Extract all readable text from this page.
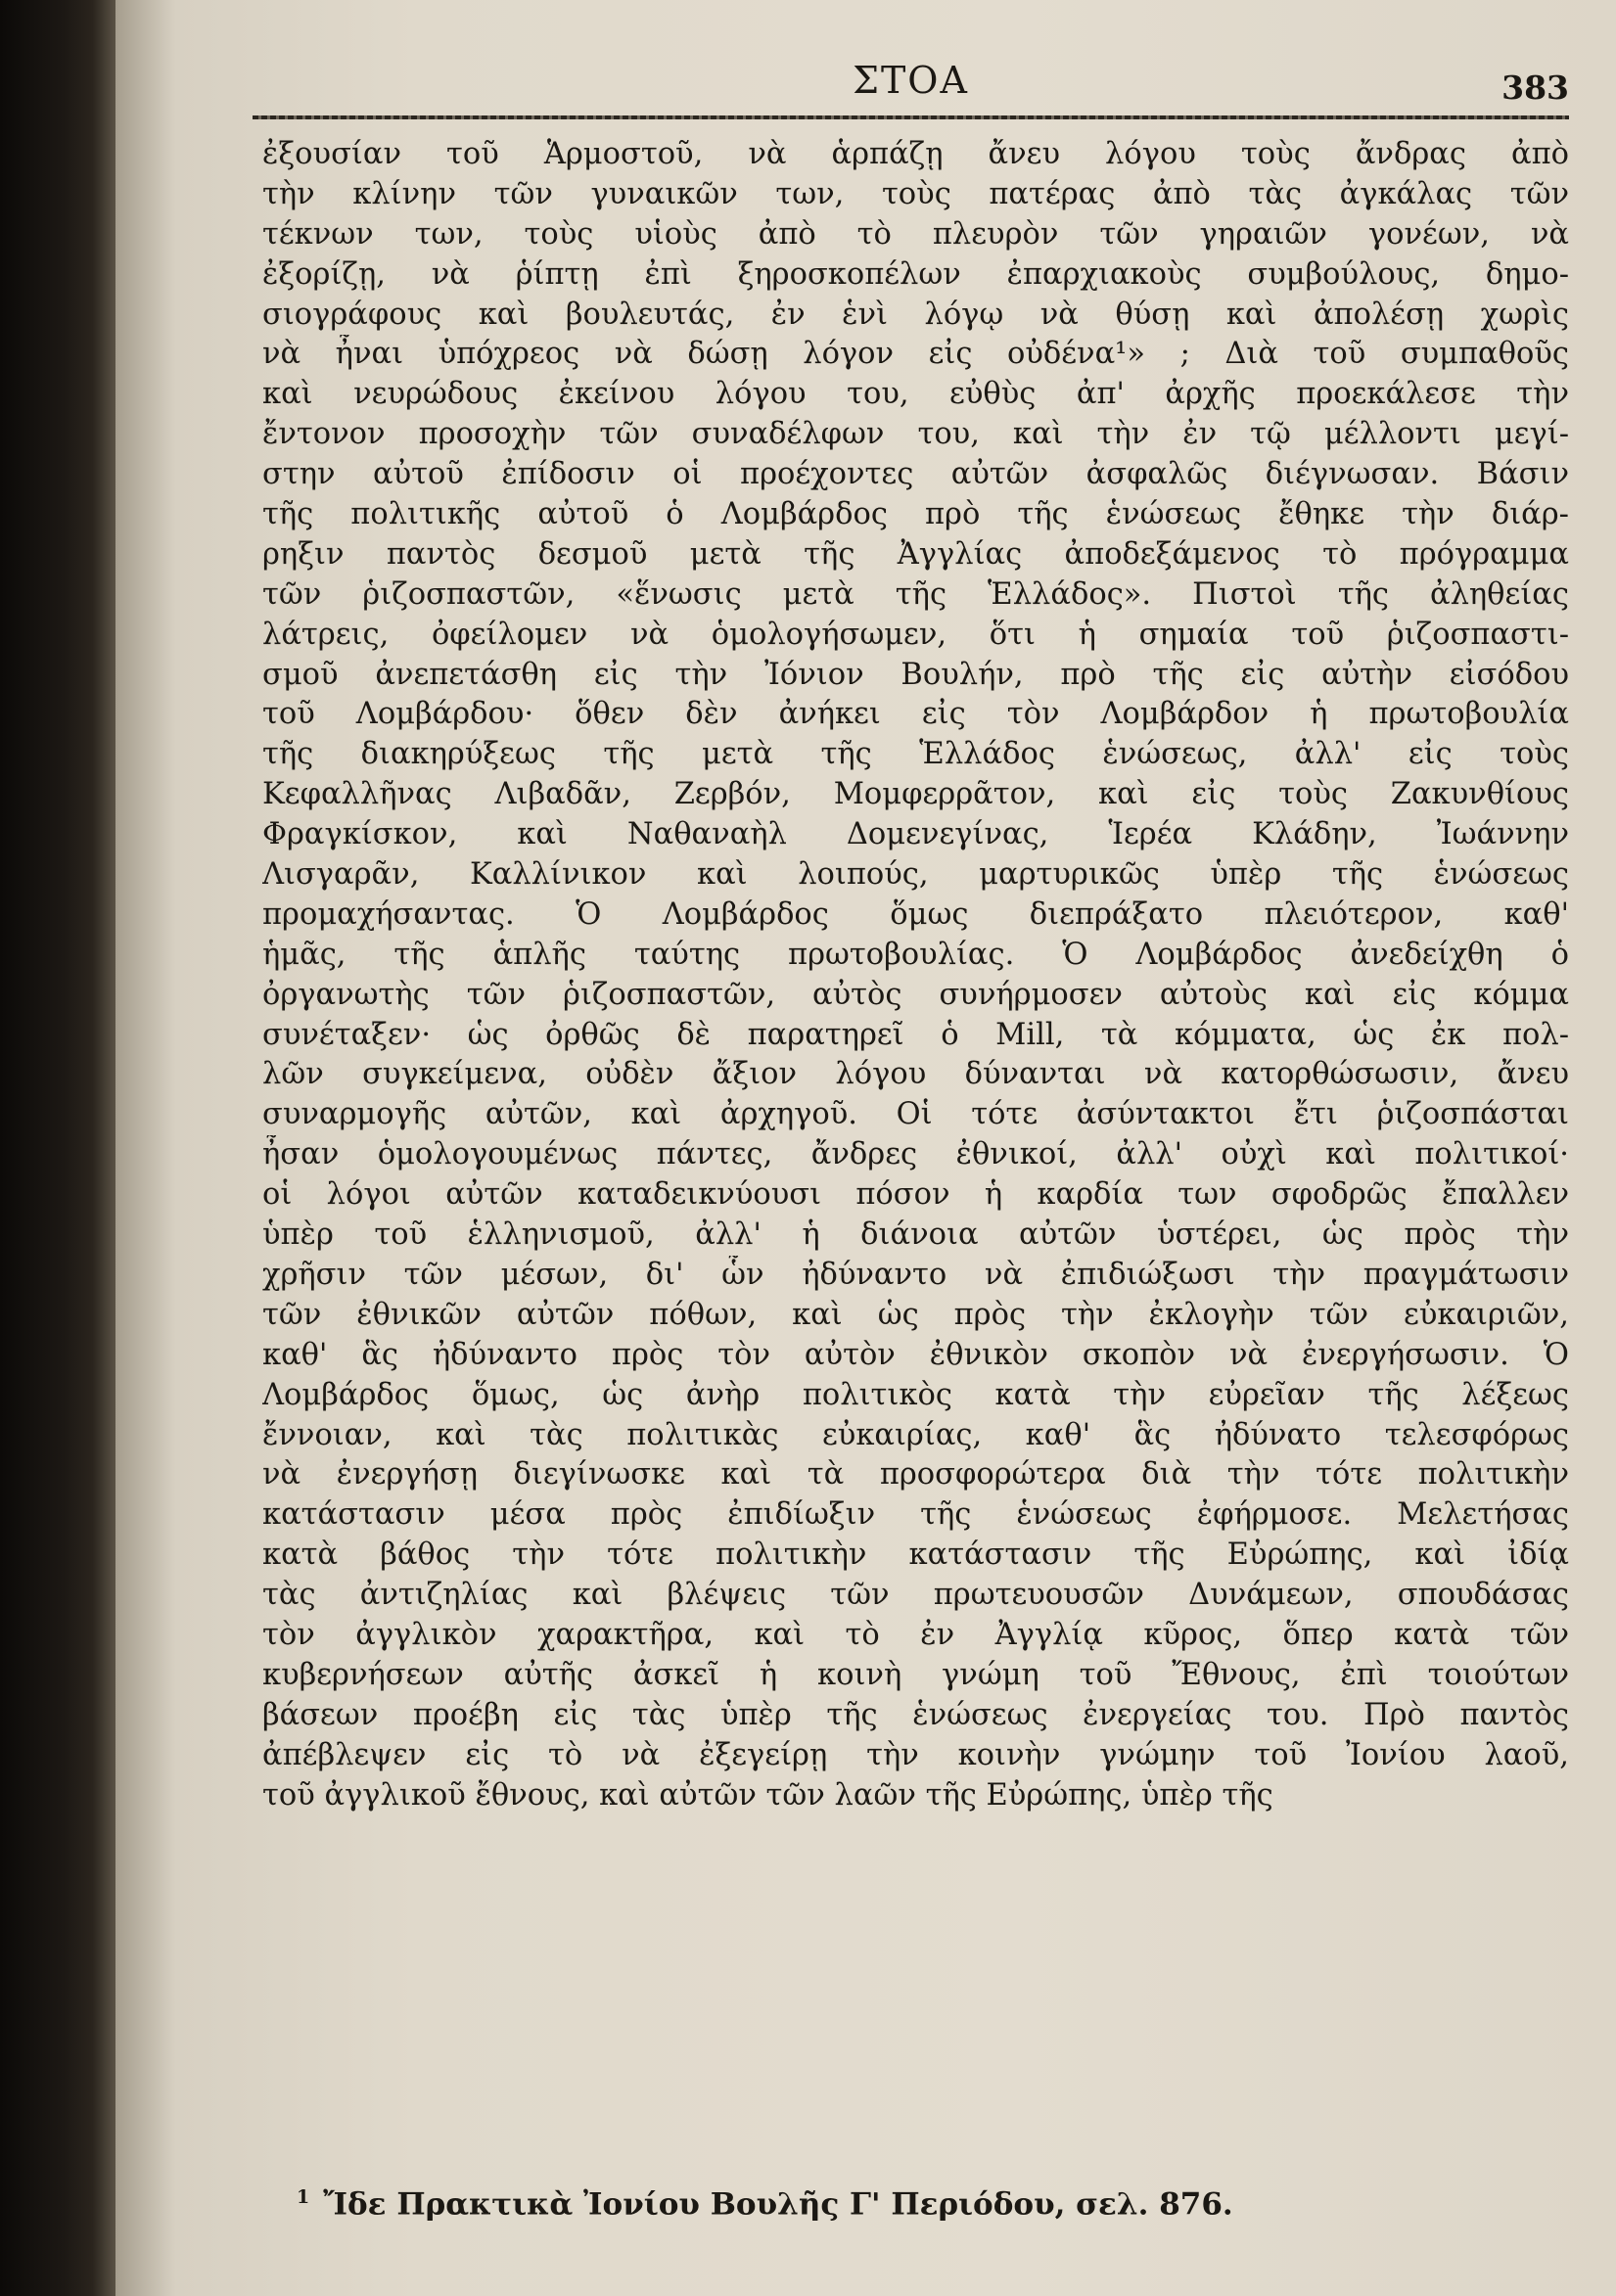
ΣΤΟΑ	383
ἐξουσίαν τοῦ Ἁρμοστοῦ, νὰ ἁρπάζῃ ἄνευ λόγου τοὺς ἄνδρας ἀπὸ
τὴν κλίνην τῶν γυναικῶν των, τοὺς πατέρας ἀπὸ τὰς ἀγκάλας τῶν
τέκνων των, τοὺς υἱοὺς ἀπὸ τὸ πλευρὸν τῶν γηραιῶν γονέων, νὰ
ἐξορίζῃ, νὰ ῥίπτῃ ἐπὶ ξηροσκοπέλων ἐπαρχιακοὺς συμβούλους, δημο-
σιογράφους καὶ βουλευτάς, ἐν ἑνὶ λόγῳ νὰ θύσῃ καὶ ἀπολέσῃ χωρὶς
νὰ ἦναι ὑπόχρεος νὰ δώσῃ λόγον εἰς οὐδένα¹» ; Διὰ τοῦ συμπαθοῦς
καὶ νευρώδους ἐκείνου λόγου του, εὐθὺς ἀπ' ἀρχῆς προεκάλεσε τὴν
ἔντονον προσοχὴν τῶν συναδέλφων του, καὶ τὴν ἐν τῷ μέλλοντι μεγί-
στην αὐτοῦ ἐπίδοσιν οἱ προέχοντες αὐτῶν ἀσφαλῶς διέγνωσαν. Βάσιν
τῆς πολιτικῆς αὐτοῦ ὁ Λομβάρδος πρὸ τῆς ἑνώσεως ἔθηκε τὴν διάρ-
ρηξιν παντὸς δεσμοῦ μετὰ τῆς Ἀγγλίας ἀποδεξάμενος τὸ πρόγραμμα
τῶν ῥιζοσπαστῶν, «ἕνωσις μετὰ τῆς Ἑλλάδος». Πιστοὶ τῆς ἀληθείας
λάτρεις, ὀφείλομεν νὰ ὁμολογήσωμεν, ὅτι ἡ σημαία τοῦ ῥιζοσπαστι-
σμοῦ ἀνεπετάσθη εἰς τὴν Ἰόνιον Βουλήν, πρὸ τῆς εἰς αὐτὴν εἰσόδου
τοῦ Λομβάρδου· ὅθεν δὲν ἀνήκει εἰς τὸν Λομβάρδον ἡ πρωτοβουλία
τῆς διακηρύξεως τῆς μετὰ τῆς Ἑλλάδος ἑνώσεως, ἀλλ' εἰς τοὺς
Κεφαλλῆνας Λιβαδᾶν, Ζερβόν, Μομφερρᾶτον, καὶ εἰς τοὺς Ζακυνθίους
Φραγκίσκον, καὶ Ναθαναὴλ Δομενεγίνας, Ἱερέα Κλάδην, Ἰωάννην
Λισγαρᾶν, Καλλίνικον καὶ λοιπούς, μαρτυρικῶς ὑπὲρ τῆς ἑνώσεως
προμαχήσαντας. Ὁ Λομβάρδος ὅμως διεπράξατο πλειότερον, καθ'
ἡμᾶς, τῆς ἁπλῆς ταύτης πρωτοβουλίας. Ὁ Λομβάρδος ἀνεδείχθη ὁ
ὀργανωτὴς τῶν ῥιζοσπαστῶν, αὐτὸς συνήρμοσεν αὐτοὺς καὶ εἰς κόμμα
συνέταξεν· ὡς ὀρθῶς δὲ παρατηρεῖ ὁ Mill, τὰ κόμματα, ὡς ἐκ πολ-
λῶν συγκείμενα, οὐδὲν ἄξιον λόγου δύνανται νὰ κατορθώσωσιν, ἄνευ
συναρμογῆς αὐτῶν, καὶ ἀρχηγοῦ. Οἱ τότε ἀσύντακτοι ἔτι ῥιζοσπάσται
ἦσαν ὁμολογουμένως πάντες, ἄνδρες ἐθνικοί, ἀλλ' οὐχὶ καὶ πολιτικοί·
οἱ λόγοι αὐτῶν καταδεικνύουσι πόσον ἡ καρδία των σφοδρῶς ἔπαλλεν
ὑπὲρ τοῦ ἑλληνισμοῦ, ἀλλ' ἡ διάνοια αὐτῶν ὑστέρει, ὡς πρὸς τὴν
χρῆσιν τῶν μέσων, δι' ὧν ἠδύναντο νὰ ἐπιδιώξωσι τὴν πραγμάτωσιν
τῶν ἐθνικῶν αὐτῶν πόθων, καὶ ὡς πρὸς τὴν ἐκλογὴν τῶν εὐκαιριῶν,
καθ' ἃς ἠδύναντο πρὸς τὸν αὐτὸν ἐθνικὸν σκοπὸν νὰ ἐνεργήσωσιν. Ὁ
Λομβάρδος ὅμως, ὡς ἀνὴρ πολιτικὸς κατὰ τὴν εὐρεῖαν τῆς λέξεως
ἔννοιαν, καὶ τὰς πολιτικὰς εὐκαιρίας, καθ' ἃς ἠδύνατο τελεσφόρως
νὰ ἐνεργήσῃ διεγίνωσκε καὶ τὰ προσφορώτερα διὰ τὴν τότε πολιτικὴν
κατάστασιν μέσα πρὸς ἐπιδίωξιν τῆς ἑνώσεως ἐφήρμοσε. Μελετήσας
κατὰ βάθος τὴν τότε πολιτικὴν κατάστασιν τῆς Εὐρώπης, καὶ ἰδίᾳ
τὰς ἀντιζηλίας καὶ βλέψεις τῶν πρωτευουσῶν Δυνάμεων, σπουδάσας
τὸν ἀγγλικὸν χαρακτῆρα, καὶ τὸ ἐν Ἀγγλίᾳ κῦρος, ὅπερ κατὰ τῶν
κυβερνήσεων αὐτῆς ἀσκεῖ ἡ κοινὴ γνώμη τοῦ Ἔθνους, ἐπὶ τοιούτων
βάσεων προέβη εἰς τὰς ὑπὲρ τῆς ἑνώσεως ἐνεργείας του. Πρὸ παντὸς
ἀπέβλεψεν εἰς τὸ νὰ ἐξεγείρῃ τὴν κοινὴν γνώμην τοῦ Ἰονίου λαοῦ,
τοῦ ἀγγλικοῦ ἔθνους, καὶ αὐτῶν τῶν λαῶν τῆς Εὐρώπης, ὑπὲρ τῆς
$^1$ Ἴδε Πρακτικὰ Ἰονίου Βουλῆς Γ' Περιόδου, σελ. 876.
